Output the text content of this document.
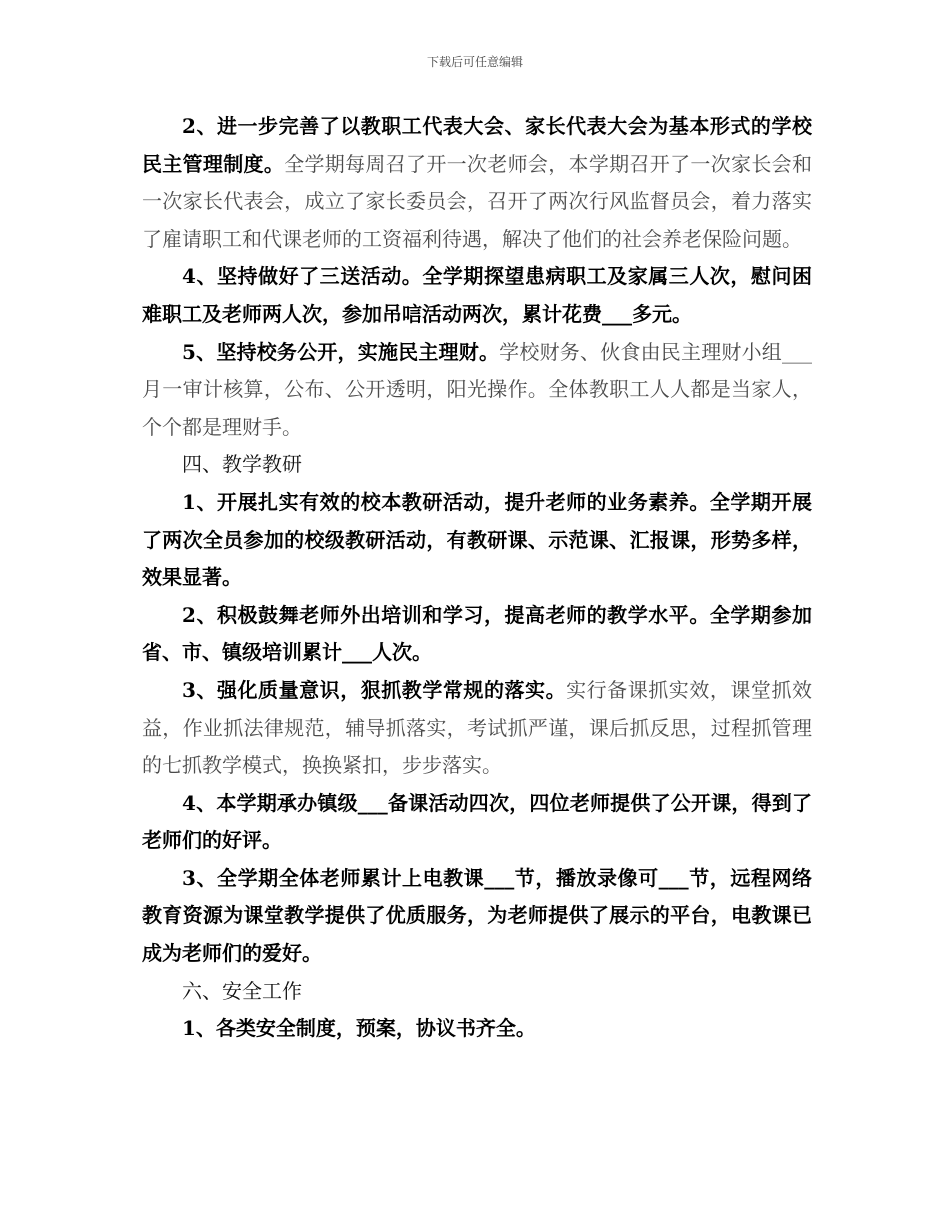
下载后可任意编辑

2、进一步完善了以教职工代表大会、家长代表大会为基本形式的学校民主管理制度。全学期每周召了开一次老师会，本学期召开了一次家长会和一次家长代表会，成立了家长委员会，召开了两次行风监督员会，着力落实了雇请职工和代课老师的工资福利待遇，解决了他们的社会养老保险问题。

4、坚持做好了三送活动。全学期探望患病职工及家属三人次，慰问困难职工及老师两人次，参加吊唁活动两次，累计花费___多元。

5、坚持校务公开，实施民主理财。学校财务、伙食由民主理财小组___月一审计核算，公布、公开透明，阳光操作。全体教职工人人都是当家人，个个都是理财手。

四、教学教研

1、开展扎实有效的校本教研活动，提升老师的业务素养。全学期开展了两次全员参加的校级教研活动，有教研课、示范课、汇报课，形势多样，效果显著。

2、积极鼓舞老师外出培训和学习，提高老师的教学水平。全学期参加省、市、镇级培训累计___人次。

3、强化质量意识，狠抓教学常规的落实。实行备课抓实效，课堂抓效益，作业抓法律规范，辅导抓落实，考试抓严谨，课后抓反思，过程抓管理的七抓教学模式，换换紧扣，步步落实。

4、本学期承办镇级___备课活动四次，四位老师提供了公开课，得到了老师们的好评。

3、全学期全体老师累计上电教课___节，播放录像可___节，远程网络教育资源为课堂教学提供了优质服务，为老师提供了展示的平台，电教课已成为老师们的爱好。

六、安全工作

1、各类安全制度，预案，协议书齐全。
